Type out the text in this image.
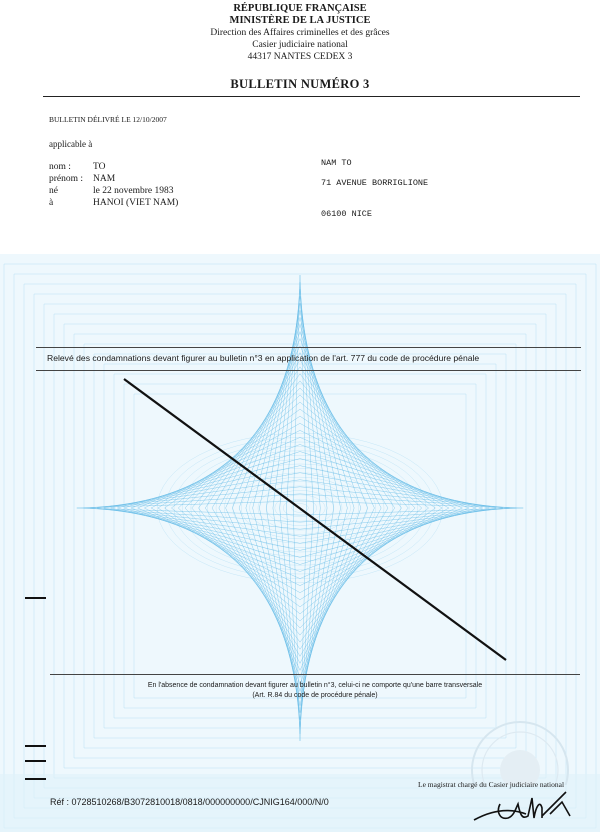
RÉPUBLIQUE FRANÇAISE
MINISTÈRE DE LA JUSTICE
Direction des Affaires criminelles et des grâces
Casier judiciaire national
44317 NANTES CEDEX 3
BULLETIN NUMÉRO 3
BULLETIN DÉLIVRÉ LE 12/10/2007
applicable à
nom :	TO
prénom :	NAM
né	le 22 novembre 1983
à	HANOI (VIET NAM)
NAM TO
71 AVENUE BORRIGLIONE
06100 NICE
Relevé des condamnations devant figurer au bulletin n°3 en application de l'art. 777 du code de procédure pénale
En l'absence de condamnation devant figurer au bulletin n°3, celui-ci ne comporte qu'une barre transversale
(Art. R.84 du code de procédure pénale)
Le magistrat chargé du Casier judiciaire national
Réf : 0728510268/B3072810018/0818/000000000/CJNIG164/000/N/0
